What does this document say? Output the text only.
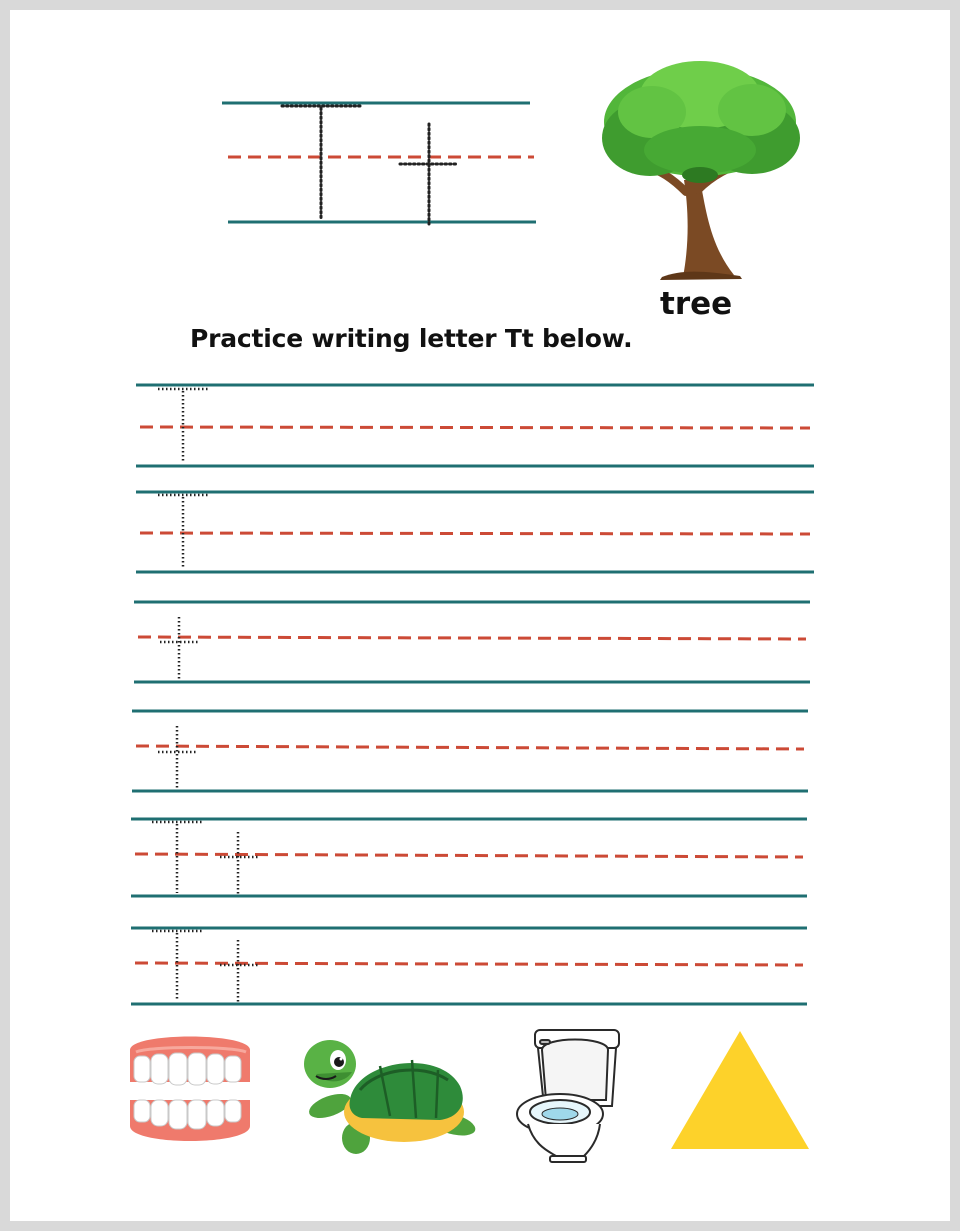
tree

Practice writing letter Tt below.
